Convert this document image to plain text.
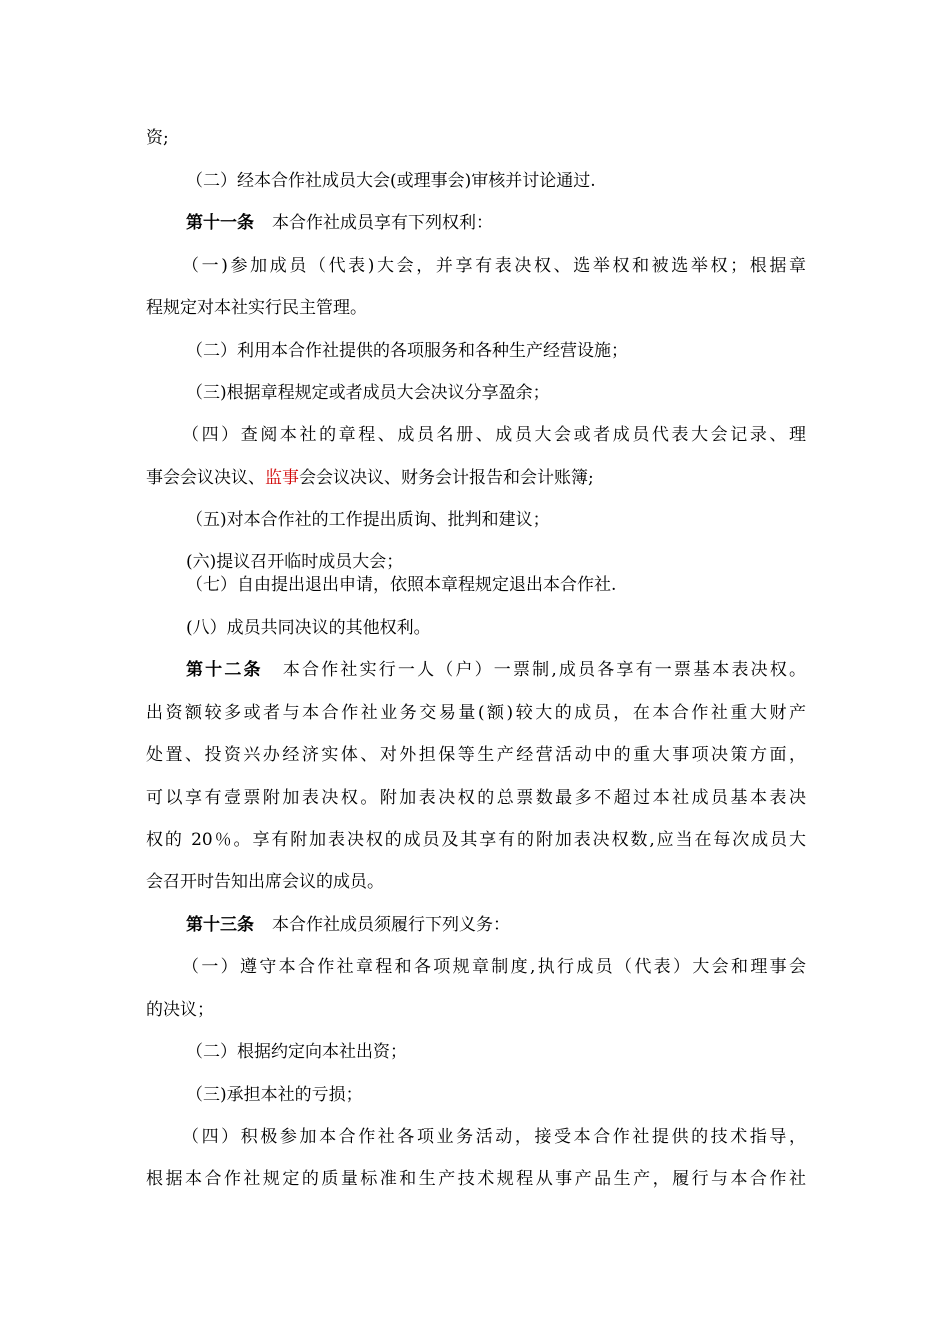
资;
（二）经本合作社成员大会(或理事会)审核并讨论通过.
第十一条 本合作社成员享有下列权利：
（一)参加成员（代表)大会，并享有表决权、选举权和被选举权；根据章
程规定对本社实行民主管理。
（二）利用本合作社提供的各项服务和各种生产经营设施；
（三)根据章程规定或者成员大会决议分享盈余；
（四）查阅本社的章程、成员名册、成员大会或者成员代表大会记录、理
事会会议决议、监事会会议决议、财务会计报告和会计账簿;
（五)对本合作社的工作提出质询、批判和建议；
(六)提议召开临时成员大会；
（七）自由提出退出申请，依照本章程规定退出本合作社.
(八）成员共同决议的其他权利。
第十二条 本合作社实行一人（户）一票制,成员各享有一票基本表决权。
出资额较多或者与本合作社业务交易量(额)较大的成员，在本合作社重大财产
处置、投资兴办经济实体、对外担保等生产经营活动中的重大事项决策方面，
可以享有壹票附加表决权。附加表决权的总票数最多不超过本社成员基本表决
权的 20％。享有附加表决权的成员及其享有的附加表决权数,应当在每次成员大
会召开时告知出席会议的成员。
第十三条 本合作社成员须履行下列义务：
（一）遵守本合作社章程和各项规章制度,执行成员（代表）大会和理事会
的决议；
（二）根据约定向本社出资；
（三)承担本社的亏损；
（四）积极参加本合作社各项业务活动，接受本合作社提供的技术指导，
根据本合作社规定的质量标准和生产技术规程从事产品生产，履行与本合作社
